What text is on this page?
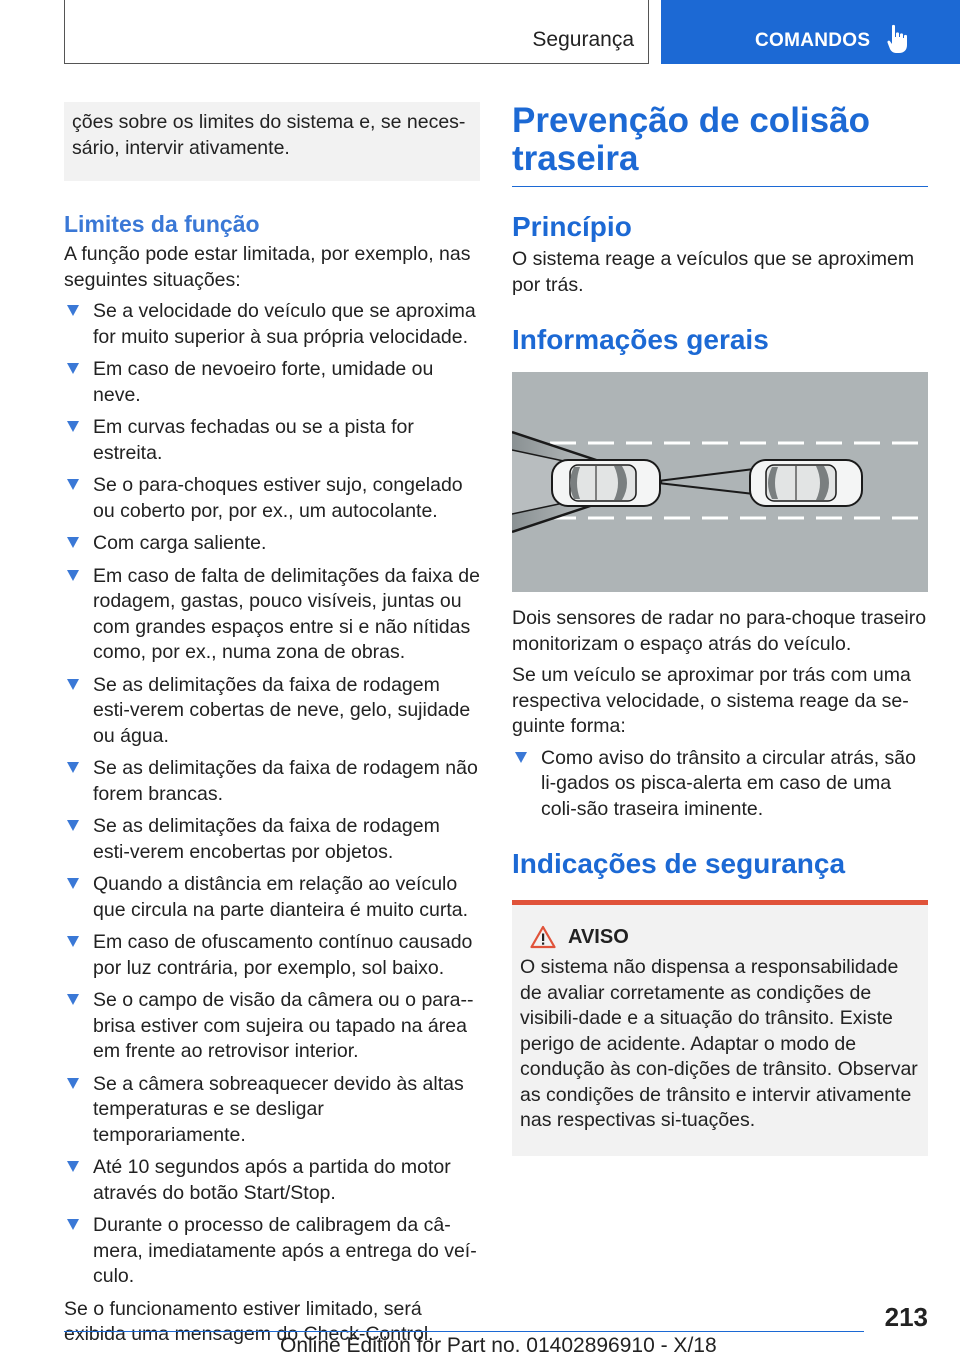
Segurança	COMANDOS

ções sobre os limites do sistema e, se neces-sário, intervir ativamente.

Limites da função

A função pode estar limitada, por exemplo, nas seguintes situações:

Se a velocidade do veículo que se aproxima for muito superior à sua própria velocidade.
Em caso de nevoeiro forte, umidade ou neve.
Em curvas fechadas ou se a pista for estreita.
Se o para-choques estiver sujo, congelado ou coberto por, por ex., um autocolante.
Com carga saliente.
Em caso de falta de delimitações da faixa de rodagem, gastas, pouco visíveis, juntas ou com grandes espaços entre si e não nítidas como, por ex., numa zona de obras.
Se as delimitações da faixa de rodagem esti-verem cobertas de neve, gelo, sujidade ou água.
Se as delimitações da faixa de rodagem não forem brancas.
Se as delimitações da faixa de rodagem esti-verem encobertas por objetos.
Quando a distância em relação ao veículo que circula na parte dianteira é muito curta.
Em caso de ofuscamento contínuo causado por luz contrária, por exemplo, sol baixo.
Se o campo de visão da câmera ou o para--brisa estiver com sujeira ou tapado na área em frente ao retrovisor interior.
Se a câmera sobreaquecer devido às altas temperaturas e se desligar temporariamente.
Até 10 segundos após a partida do motor através do botão Start/Stop.
Durante o processo de calibragem da câ-mera, imediatamente após a entrega do veí-culo.

Se o funcionamento estiver limitado, será exibida uma mensagem do Check-Control.

Prevenção de colisão traseira
Princípio

O sistema reage a veículos que se aproximem por trás.

Informações gerais

Dois sensores de radar no para-choque traseiro monitorizam o espaço atrás do veículo.

Se um veículo se aproximar por trás com uma respectiva velocidade, o sistema reage da se-guinte forma:

Como aviso do trânsito a circular atrás, são li-gados os pisca-alerta em caso de uma coli-são traseira iminente.
Indicações de segurança
AVISO

O sistema não dispensa a responsabilidade de avaliar corretamente as condições de visibili-dade e a situação do trânsito. Existe perigo de acidente. Adaptar o modo de condução às con-dições de trânsito. Observar as condições de trânsito e intervir ativamente nas respectivas si-tuações.

213
Online Edition for Part no. 01402896910 - X/18
